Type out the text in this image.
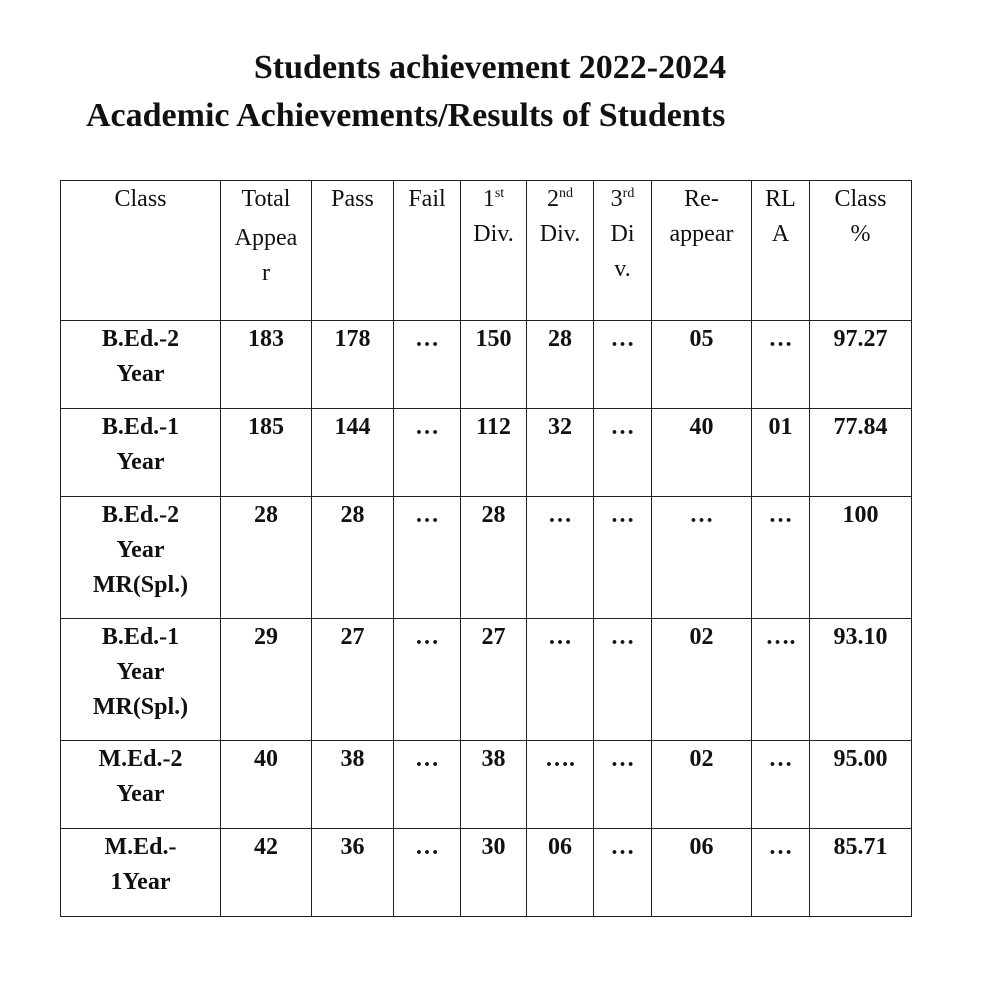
Students achievement 2022-2024
Academic Achievements/Results of Students
Class	Total
Appea
r	Pass	Fail	1st
Div.	2nd
Div.	3rd
Di
v.	Re-
appear	RL
A	Class
%

B.Ed.-2
Year	183	178	…	150	28	…	05	…	97.27

B.Ed.-1
Year	185	144	…	112	32	…	40	01	77.84

B.Ed.-2
Year
MR(Spl.)	28	28	…	28	…	…	…	…	100

B.Ed.-1
Year
MR(Spl.)	29	27	…	27	…	…	02	….	93.10

M.Ed.-2
Year	40	38	…	38	….	…	02	…	95.00

M.Ed.-
1Year	42	36	…	30	06	…	06	…	85.71
